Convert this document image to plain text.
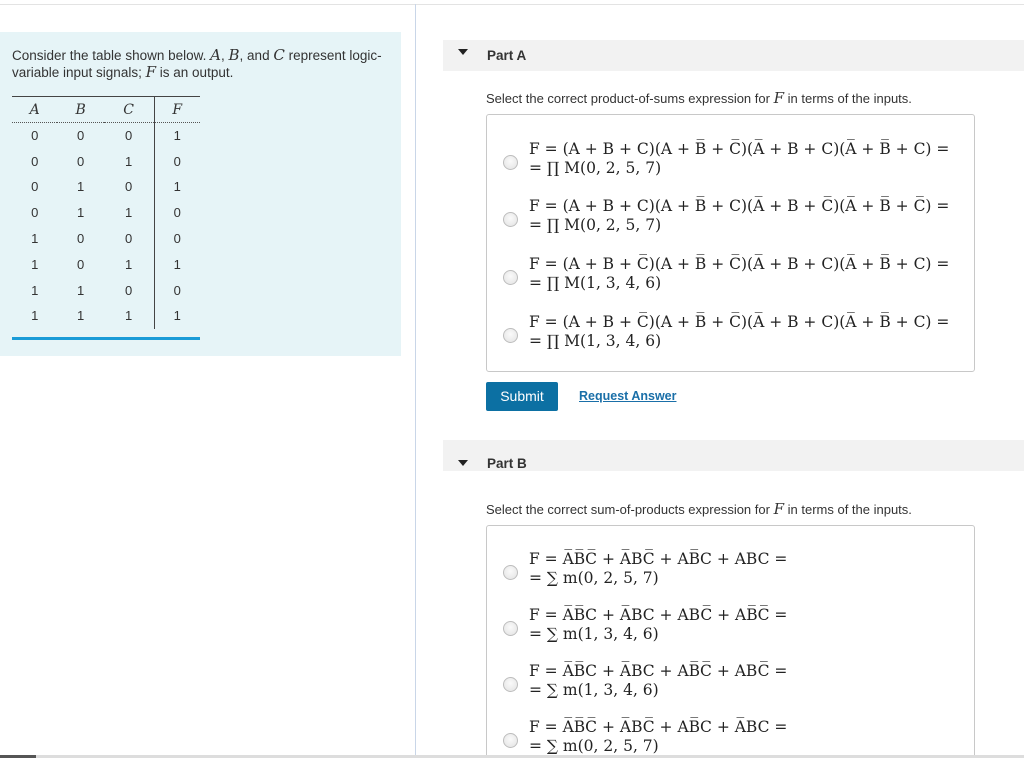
Consider the table shown below. A, B, and C represent logic-variable input signals; F is an output.
A	B	C	F
0	0	0	1
0	0	1	0
0	1	0	1
0	1	1	0
1	0	0	0
1	0	1	1
1	1	0	0
1	1	1	1
Part A
Select the correct product-of-sums expression for F in terms of the inputs.
F = (A + B + C)(A + B̅ + C̅)(A̅ + B + C)(A̅ + B̅ + C) =
= ∏ M(0, 2, 5, 7)
F = (A + B + C)(A + B̅ + C)(A̅ + B + C̅)(A̅ + B̅ + C̅) =
= ∏ M(0, 2, 5, 7)
F = (A + B + C̅)(A + B̅ + C̅)(A̅ + B + C)(A̅ + B̅ + C) =
= ∏ M(1, 3, 4, 6)
F = (A + B + C̅)(A + B̅ + C̅)(A̅ + B + C)(A̅ + B̅ + C) =
= ∏ M(1, 3, 4, 6)
Submit	Request Answer
Part B
Select the correct sum-of-products expression for F in terms of the inputs.
F = A̅B̅C̅ + A̅BC̅ + AB̅C + ABC =
= ∑ m(0, 2, 5, 7)
F = A̅B̅C + A̅BC + ABC̅ + AB̅C̅ =
= ∑ m(1, 3, 4, 6)
F = A̅B̅C + A̅BC + AB̅C̅ + ABC̅ =
= ∑ m(1, 3, 4, 6)
F = A̅B̅C̅ + A̅BC̅ + AB̅C + A̅BC =
= ∑ m(0, 2, 5, 7)
